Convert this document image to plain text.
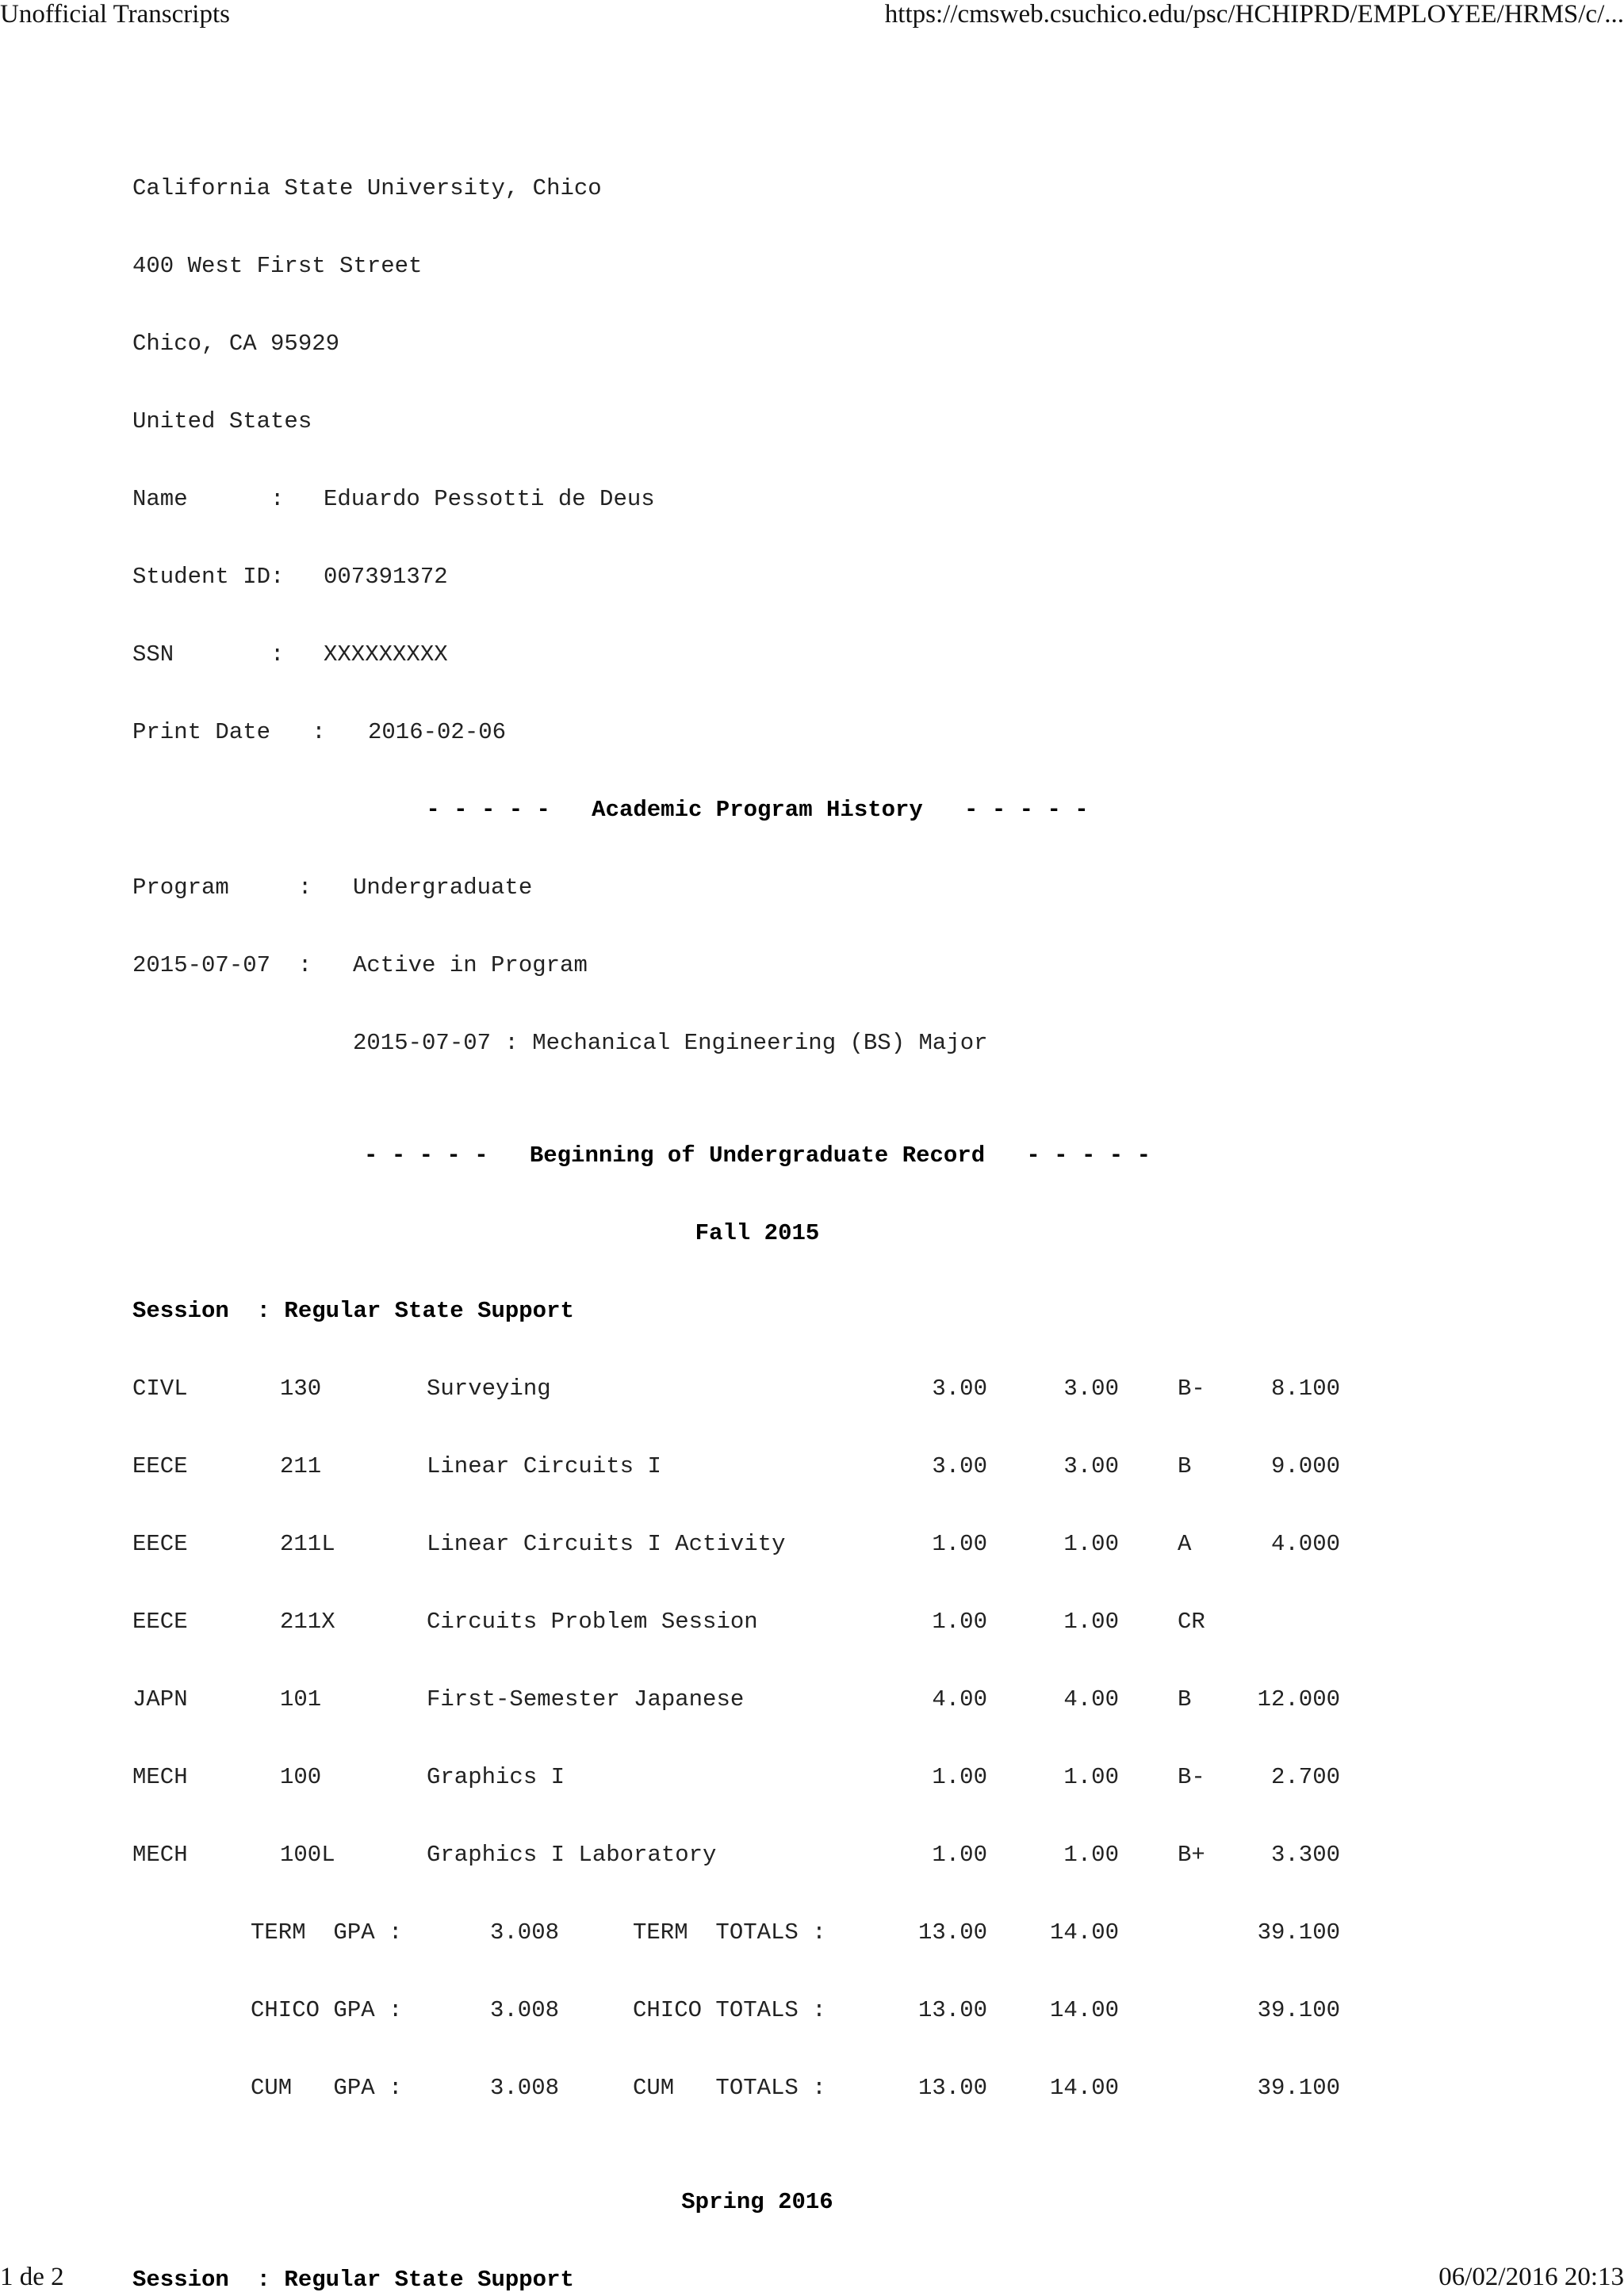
Unofficial Transcripts	https://cmsweb.csuchico.edu/psc/HCHIPRD/EMPLOYEE/HRMS/c/...
California State University, Chico
400 West First Street
Chico, CA 95929
United States
Name      : Eduardo Pessotti de Deus
Student ID: 007391372
SSN       : XXXXXXXXX
Print Date   : 2016-02-06
- - - - -   Academic Program History   - - - - -
Program     : Undergraduate
2015-07-07  : Active in Program
2015-07-07 : Mechanical Engineering (BS) Major
- - - - -   Beginning of Undergraduate Record   - - - - -
Fall 2015
Session  : Regular State Support
CIVL	130	Surveying	3.00	3.00	B-	8.100
EECE	211	Linear Circuits I	3.00	3.00	B	9.000
EECE	211L	Linear Circuits I Activity	1.00	1.00	A	4.000
EECE	211X	Circuits Problem Session	1.00	1.00	CR
JAPN	101	First-Semester Japanese	4.00	4.00	B	12.000
MECH	100	Graphics I	1.00	1.00	B-	2.700
MECH	100L	Graphics I Laboratory	1.00	1.00	B+	3.300
TERM  GPA :	3.008	TERM  TOTALS :	13.00	14.00	39.100
CHICO GPA :	3.008	CHICO TOTALS :	13.00	14.00	39.100
CUM   GPA :	3.008	CUM   TOTALS :	13.00	14.00	39.100
Spring 2016
Session  : Regular State Support
1 de 2	06/02/2016 20:13
